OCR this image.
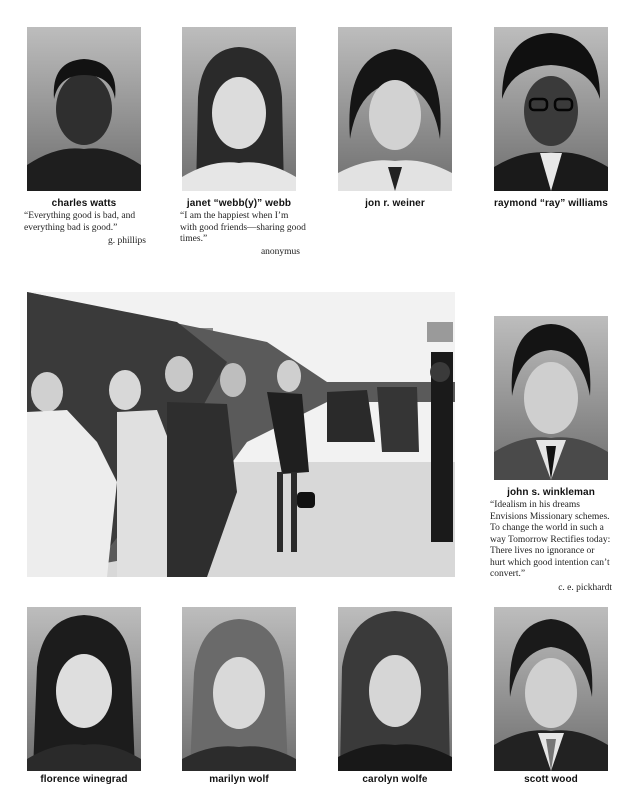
charles watts
“Everything good is bad, and everything bad is good.”
g. phillips
janet “webb(y)” webb
“I am the happiest when I’m with good friends—sharing good times.”
anonymus
jon r. weiner	raymond “ray” williams
john s. winkleman
“Idealism in his dreams Envisions Missionary schemes. To change the world in such a way Tomorrow Rectifies today: There lives no ignorance or hurt which good intention can’t convert.”
c. e. pickhardt
florence winegrad	marilyn wolf	carolyn wolfe	scott wood
